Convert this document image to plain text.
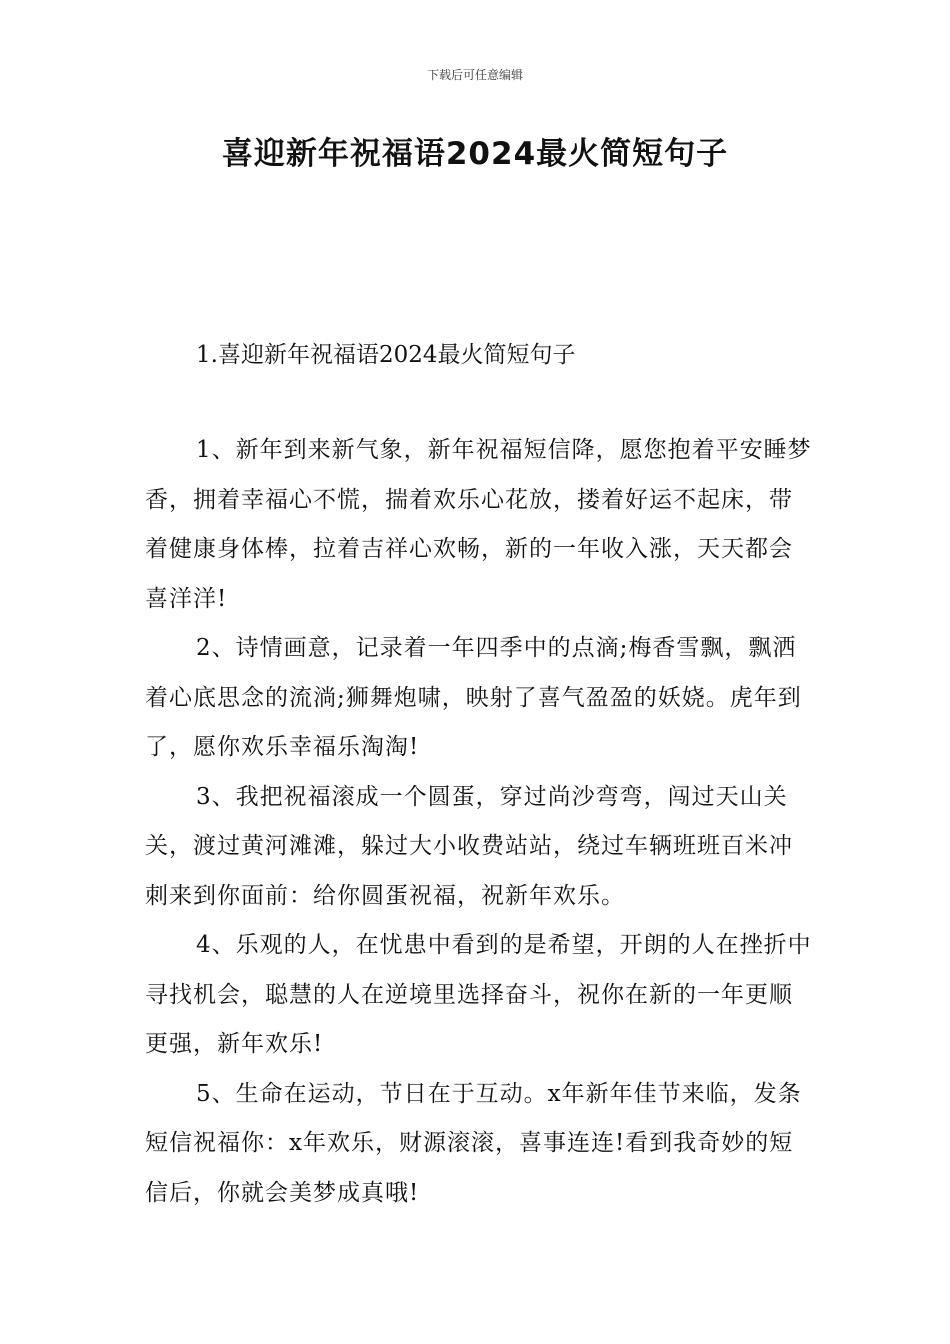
下载后可任意编辑
喜迎新年祝福语2024最火简短句子
1.喜迎新年祝福语2024最火简短句子

1、新年到来新气象，新年祝福短信降，愿您抱着平安睡梦香，拥着幸福心不慌，揣着欢乐心花放，搂着好运不起床，带着健康身体棒，拉着吉祥心欢畅，新的一年收入涨，天天都会喜洋洋!

2、诗情画意，记录着一年四季中的点滴;梅香雪飘，飘洒着心底思念的流淌;狮舞炮啸，映射了喜气盈盈的妖娆。虎年到了，愿你欢乐幸福乐淘淘!

3、我把祝福滚成一个圆蛋，穿过尚沙弯弯，闯过天山关关，渡过黄河滩滩，躲过大小收费站站，绕过车辆班班百米冲刺来到你面前：给你圆蛋祝福，祝新年欢乐。

4、乐观的人，在忧患中看到的是希望，开朗的人在挫折中寻找机会，聪慧的人在逆境里选择奋斗，祝你在新的一年更顺更强，新年欢乐!

5、生命在运动，节日在于互动。x年新年佳节来临，发条短信祝福你：x年欢乐，财源滚滚，喜事连连!看到我奇妙的短信后，你就会美梦成真哦!
